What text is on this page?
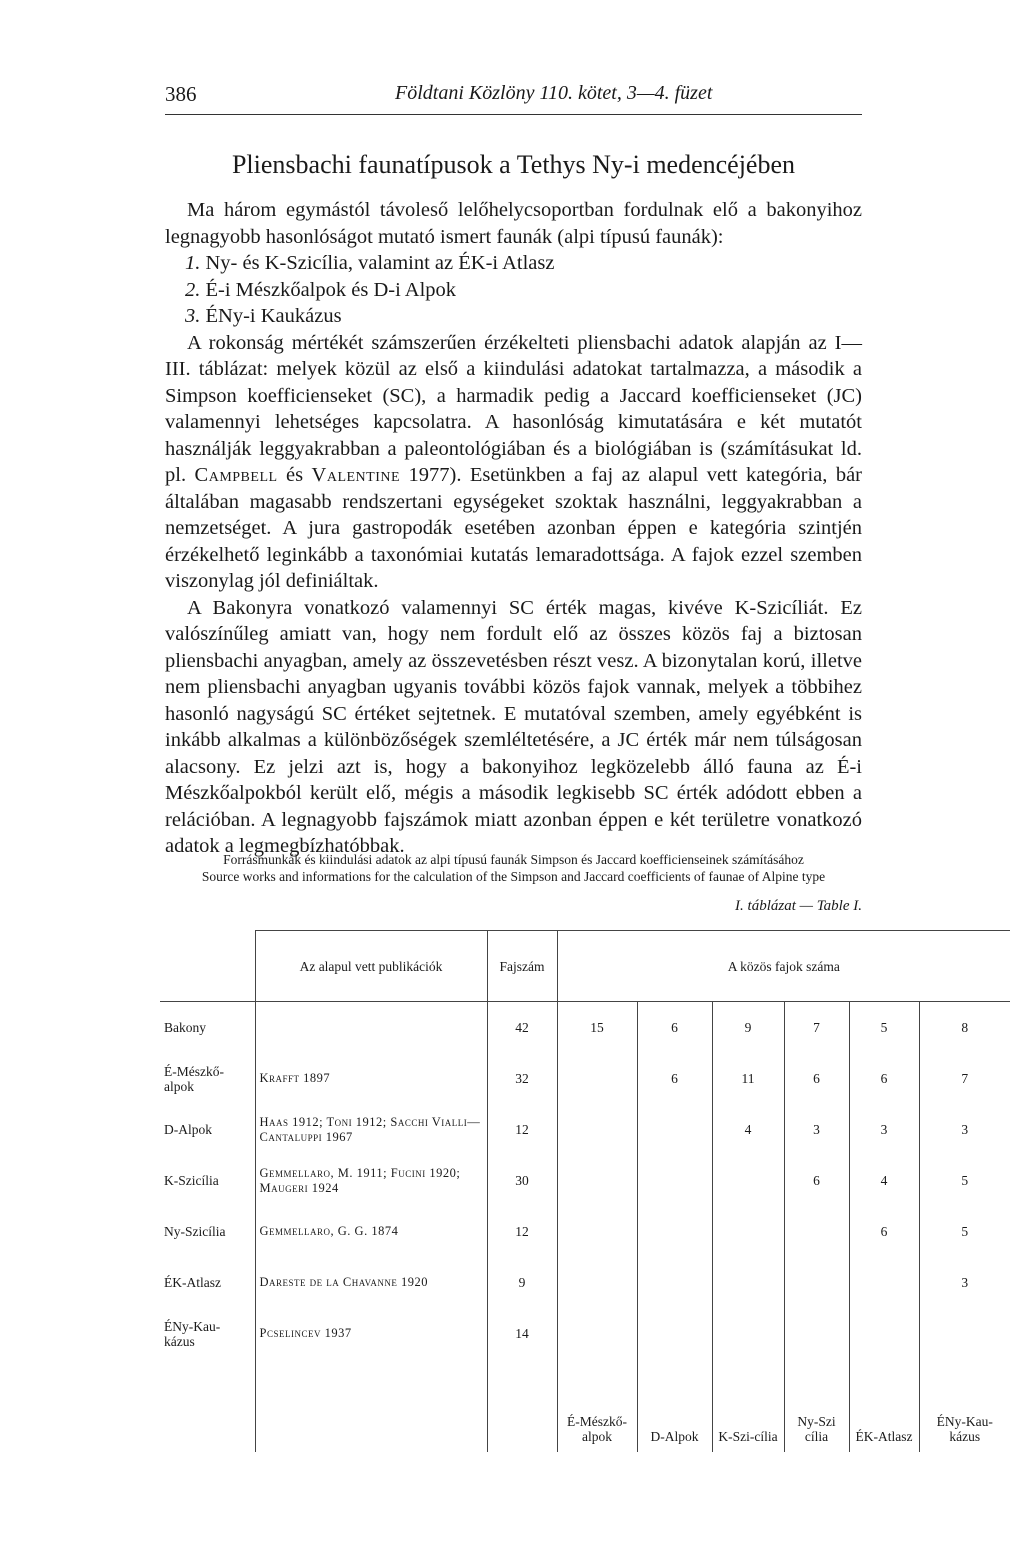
386	Földtani Közlöny 110. kötet, 3—4. füzet
Pliensbachi faunatípusok a Tethys Ny-i medencéjében

Ma három egymástól távoleső lelőhelycsoportban fordulnak elő a bakonyihoz legnagyobb hasonlóságot mutató ismert faunák (alpi típusú faunák):

1. Ny- és K-Szicília, valamint az ÉK-i Atlasz

2. É-i Mészkőalpok és D-i Alpok

3. ÉNy-i Kaukázus

A rokonság mértékét számszerűen érzékelteti pliensbachi adatok alapján az I—III. táblázat: melyek közül az első a kiindulási adatokat tartalmazza, a második a Simpson koefficienseket (SC), a harmadik pedig a Jaccard koefficienseket (JC) valamennyi lehetséges kapcsolatra. A hasonlóság kimutatására e két mutatót használják leggyakrabban a paleontológiában és a biológiában is (számításukat ld. pl. Campbell és Valentine 1977). Esetünkben a faj az alapul vett kategória, bár általában magasabb rendszertani egységeket szoktak használni, leggyakrabban a nemzetséget. A jura gastropodák esetében azonban éppen e kategória szintjén érzékelhető leginkább a taxonómiai kutatás lemaradottsága. A fajok ezzel szemben viszonylag jól definiáltak.

A Bakonyra vonatkozó valamennyi SC érték magas, kivéve K-Szicíliát. Ez valószínűleg amiatt van, hogy nem fordult elő az összes közös faj a biztosan pliensbachi anyagban, amely az összevetésben részt vesz. A bizonytalan korú, illetve nem pliensbachi anyagban ugyanis további közös fajok vannak, melyek a többihez hasonló nagyságú SC értéket sejtetnek. E mutatóval szemben, amely egyébként is inkább alkalmas a különbözőségek szemléltetésére, a JC érték már nem túlságosan alacsony. Ez jelzi azt is, hogy a bakonyihoz legközelebb álló fauna az É-i Mészkőalpokból került elő, mégis a második legkisebb SC érték adódott ebben a relációban. A legnagyobb fajszámok miatt azonban éppen e két területre vonatkozó adatok a legmegbízhatóbbak.

Forrásmunkák és kiindulási adatok az alpi típusú faunák Simpson és Jaccard koefficienseinek számításához
Source works and informations for the calculation of the Simpson and Jaccard coefficients of faunae of Alpine type
I. táblázat — Table I.
	Az alapul vett publikációk	Fajszám	A közös fajok száma					
Bakony		42	15	6	9	7	5	8
É-Mészkő-alpok	Krafft 1897	32		6	11	6	6	7
D-Alpok	Haas 1912; Toni 1912; Sacchi Vialli—Cantaluppi 1967	12			4	3	3	3
K-Szicília	Gemmellaro, M. 1911; Fucini 1920; Maugeri 1924	30				6	4	5
Ny-Szicília	Gemmellaro, G. G. 1874	12					6	5
ÉK-Atlasz	Dareste de la Chavanne 1920	9						3
ÉNy-Kau-kázus	Pcselincev 1937	14						
			É-Mészkő-alpok	D-Alpok	K-Szi-cília	Ny-Szi cília	ÉK-Atlasz	ÉNy-Kau-kázus
